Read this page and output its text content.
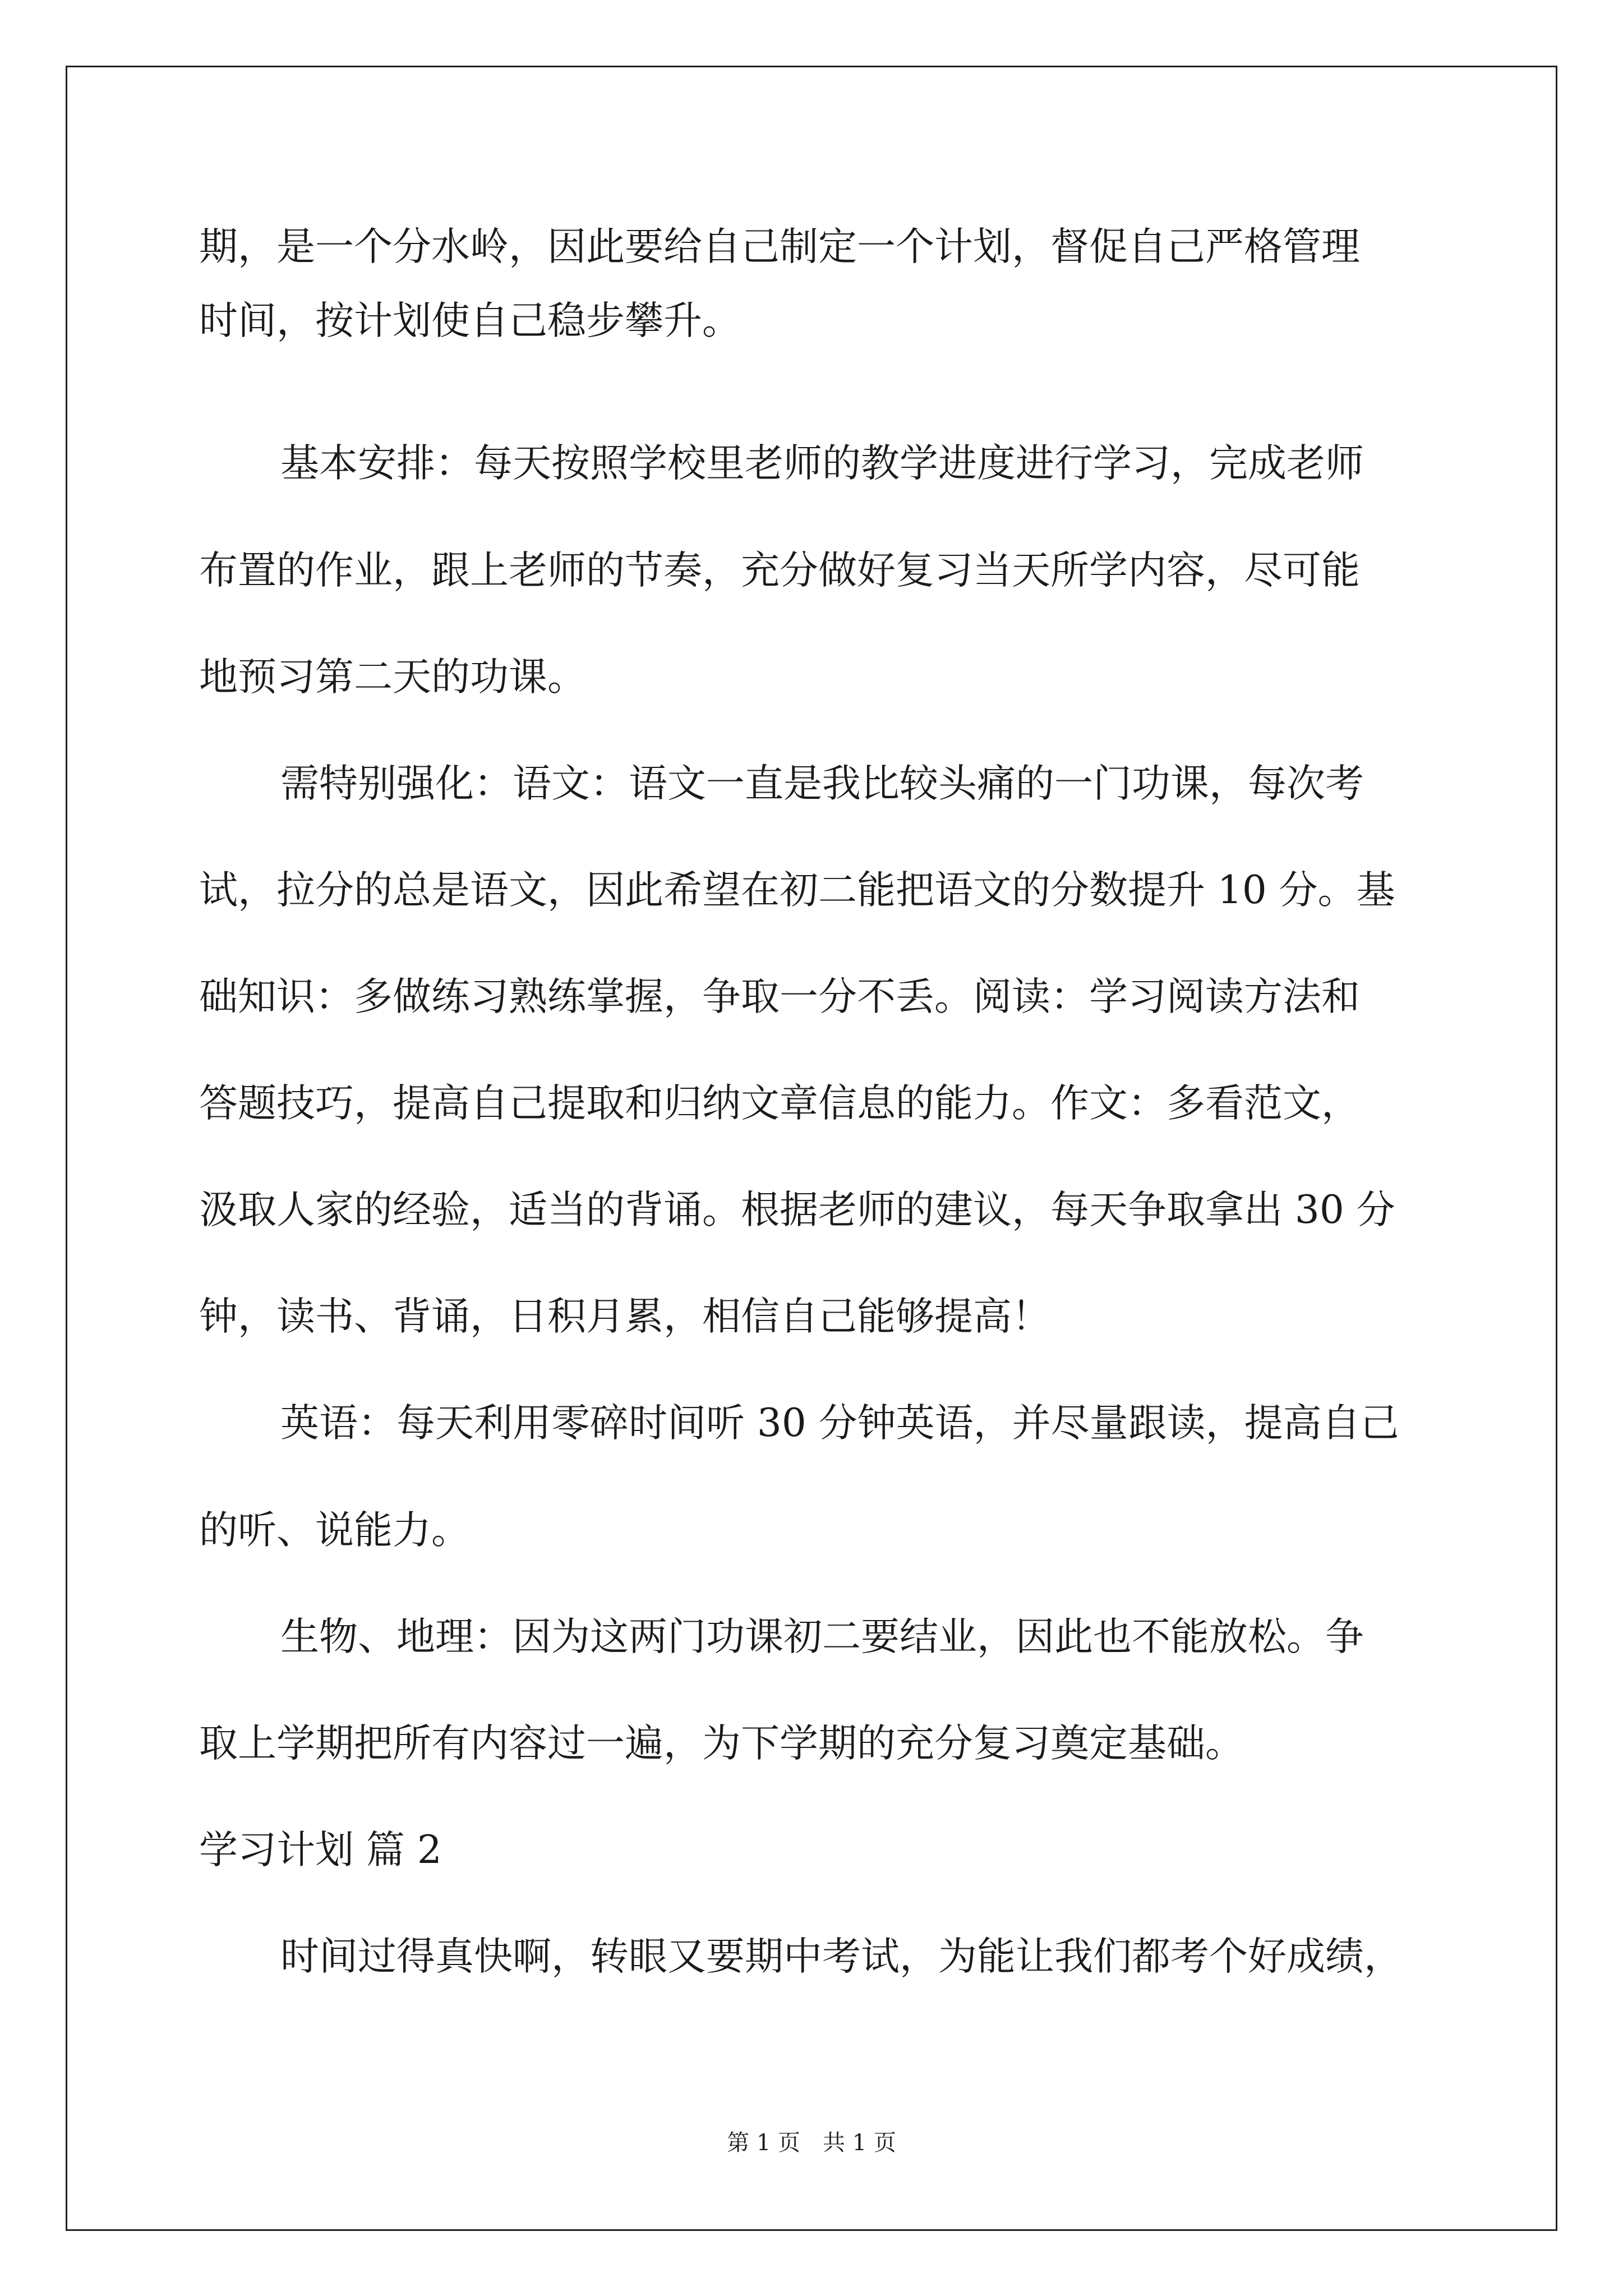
期，是一个分水岭，因此要给自己制定一个计划，督促自己严格管理
时间，按计划使自己稳步攀升。
基本安排：每天按照学校里老师的教学进度进行学习，完成老师
布置的作业，跟上老师的节奏，充分做好复习当天所学内容，尽可能
地预习第二天的功课。
需特别强化：语文：语文一直是我比较头痛的一门功课，每次考
试，拉分的总是语文，因此希望在初二能把语文的分数提升 10 分。基
础知识：多做练习熟练掌握，争取一分不丢。阅读：学习阅读方法和
答题技巧，提高自己提取和归纳文章信息的能力。作文：多看范文，
汲取人家的经验，适当的背诵。根据老师的建议，每天争取拿出 30 分
钟，读书、背诵，日积月累，相信自己能够提高！
英语：每天利用零碎时间听 30 分钟英语，并尽量跟读，提高自己
的听、说能力。
生物、地理：因为这两门功课初二要结业，因此也不能放松。争
取上学期把所有内容过一遍，为下学期的充分复习奠定基础。
学习计划 篇 2
时间过得真快啊，转眼又要期中考试，为能让我们都考个好成绩，
第 1 页　共 1 页
